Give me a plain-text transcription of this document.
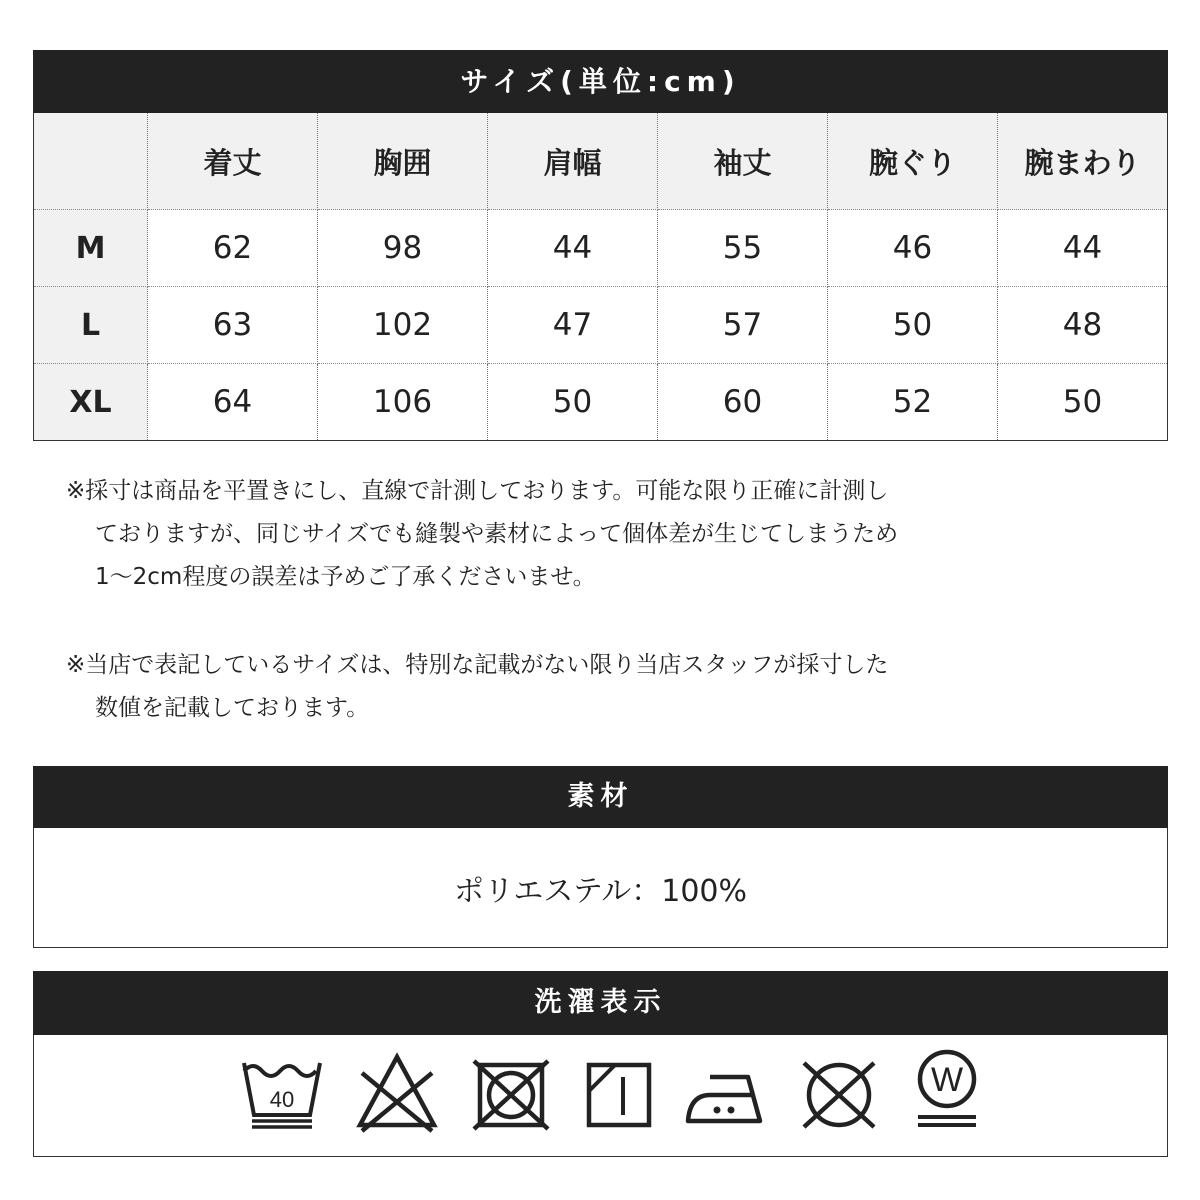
サイズ(単位:cm)
	着丈	胸囲	肩幅	袖丈	腕ぐり	腕まわり
M	62	98	44	55	46	44
L	63	102	47	57	50	48
XL	64	106	50	60	52	50
※採寸は商品を平置きにし、直線で計測しております。可能な限り正確に計測し
ておりますが、同じサイズでも縫製や素材によって個体差が生じてしまうため
1～2cm程度の誤差は予めご了承くださいませ。
※当店で表記しているサイズは、特別な記載がない限り当店スタッフが採寸した
数値を記載しております。
素材
ポリエステル：100%
洗濯表示
40
W
